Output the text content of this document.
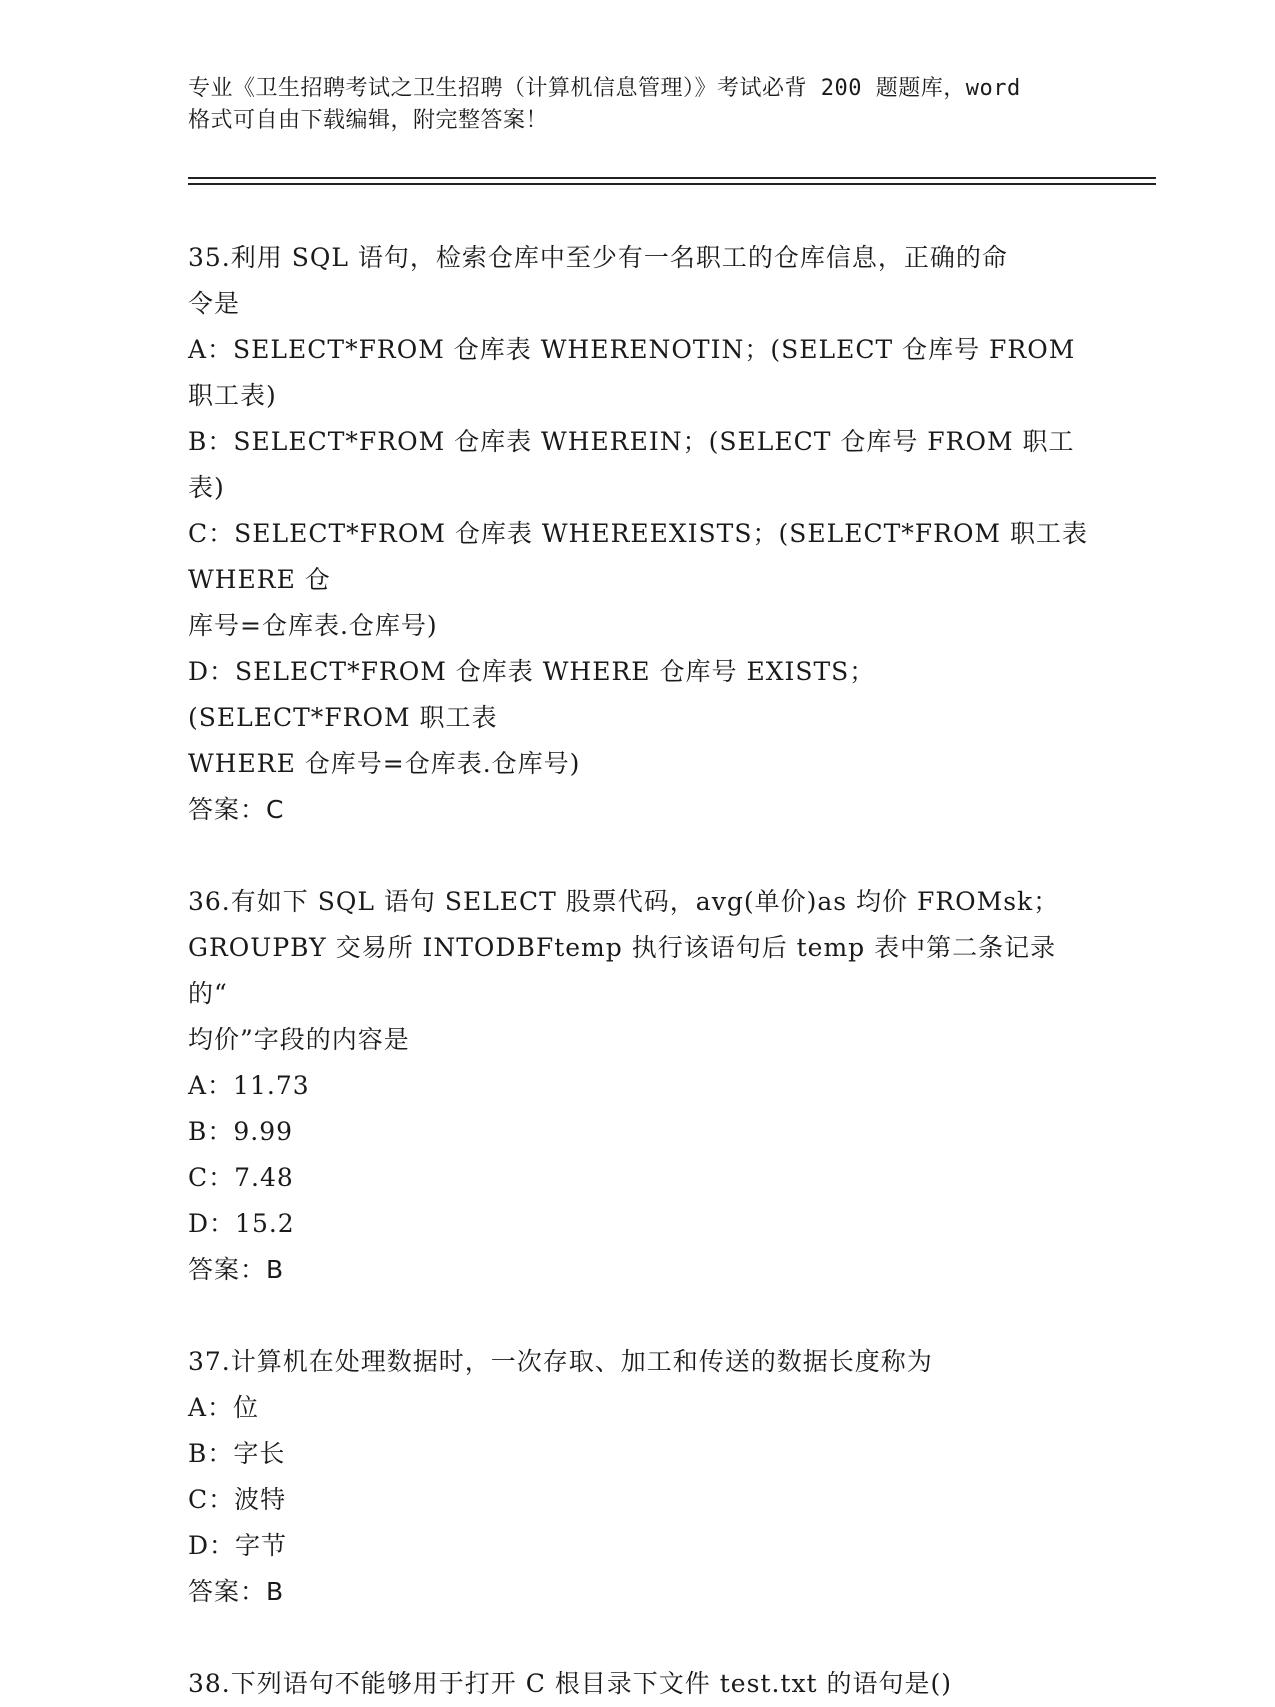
专业《卫生招聘考试之卫生招聘（计算机信息管理）》考试必背 200 题题库，word
格式可自由下载编辑，附完整答案！
35.利用 SQL 语句，检索仓库中至少有一名职工的仓库信息，正确的命
令是
A：SELECT*FROM 仓库表 WHERENOTIN；(SELECT 仓库号 FROM 职工表)
B：SELECT*FROM 仓库表 WHEREIN；(SELECT 仓库号 FROM 职工表)
C：SELECT*FROM 仓库表 WHEREEXISTS；(SELECT*FROM 职工表 WHERE 仓
库号=仓库表.仓库号)
D：SELECT*FROM 仓库表 WHERE 仓库号 EXISTS；(SELECT*FROM 职工表
WHERE 仓库号=仓库表.仓库号)
答案：C
36.有如下 SQL 语句 SELECT 股票代码，avg(单价)as 均价 FROMsk；
GROUPBY 交易所 INTODBFtemp 执行该语句后 temp 表中第二条记录的“
均价”字段的内容是
A：11.73
B：9.99
C：7.48
D：15.2
答案：B
37.计算机在处理数据时，一次存取、加工和传送的数据长度称为
A：位
B：字长
C：波特
D：字节
答案：B
38.下列语句不能够用于打开 C 根目录下文件 test.txt 的语句是()
